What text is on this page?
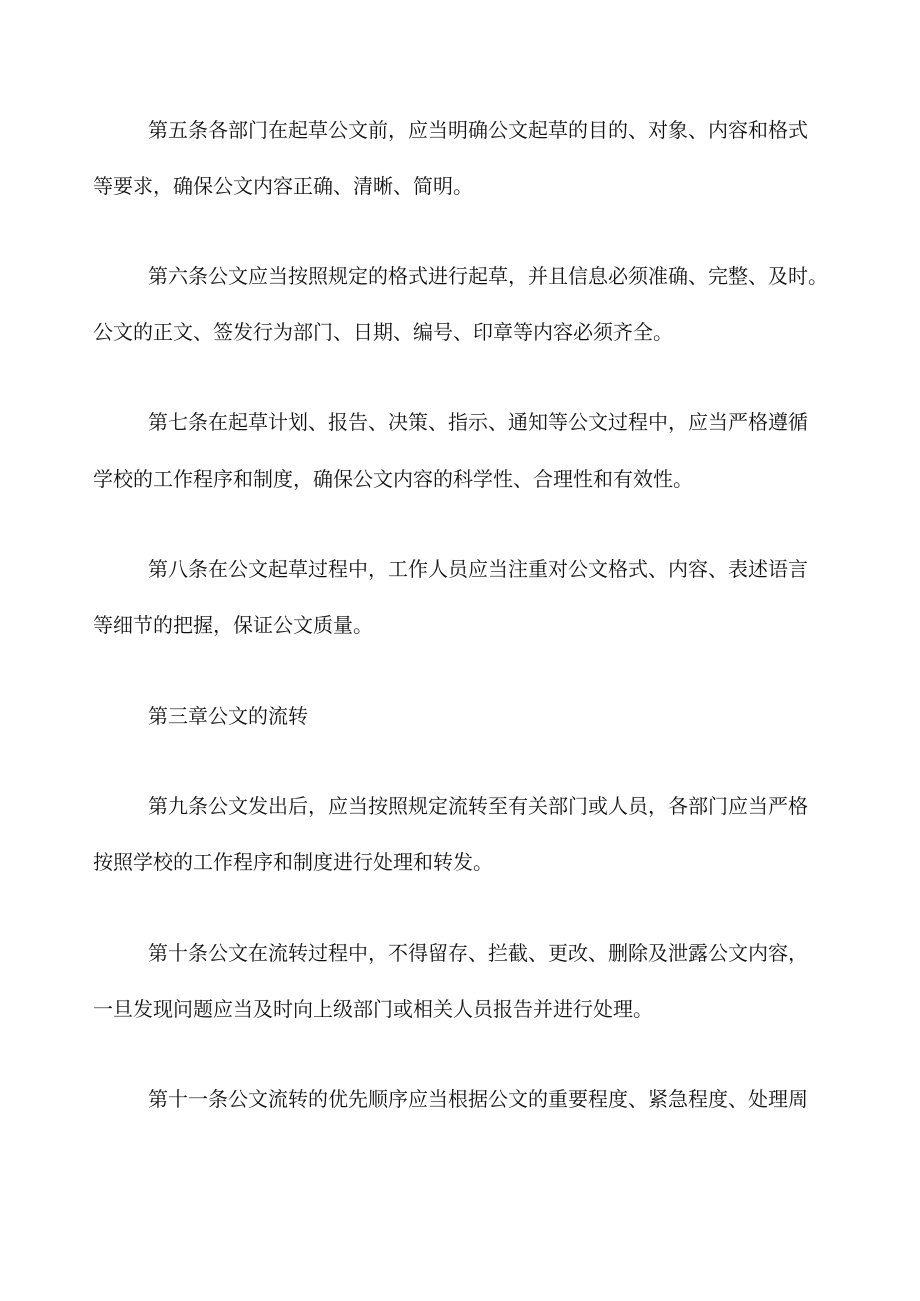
第五条各部门在起草公文前，应当明确公文起草的目的、对象、内容和格式

等要求，确保公文内容正确、清晰、简明。

第六条公文应当按照规定的格式进行起草，并且信息必须准确、完整、及时。

公文的正文、签发行为部门、日期、编号、印章等内容必须齐全。

第七条在起草计划、报告、决策、指示、通知等公文过程中，应当严格遵循

学校的工作程序和制度，确保公文内容的科学性、合理性和有效性。

第八条在公文起草过程中，工作人员应当注重对公文格式、内容、表述语言

等细节的把握，保证公文质量。

第三章公文的流转

第九条公文发出后，应当按照规定流转至有关部门或人员，各部门应当严格

按照学校的工作程序和制度进行处理和转发。

第十条公文在流转过程中，不得留存、拦截、更改、删除及泄露公文内容，

一旦发现问题应当及时向上级部门或相关人员报告并进行处理。

第十一条公文流转的优先顺序应当根据公文的重要程度、紧急程度、处理周
